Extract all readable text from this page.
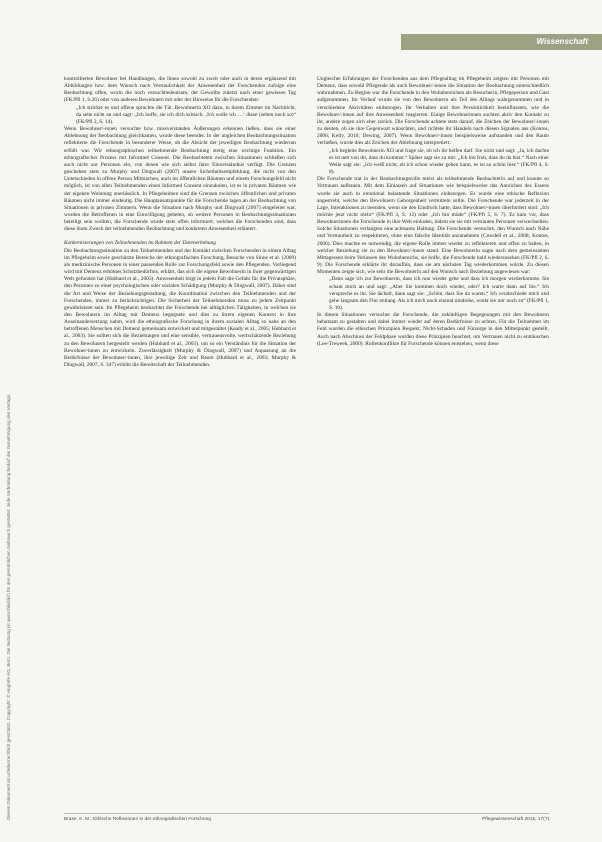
Wissenschaft
Dieses Dokument ist urheberrechtlich geschützt. Copyright: © Hogrefe AG, Bern. Die Nutzung ist ausschließlich für den persönlichen Gebrauch gestattet. Jede Verbreitung bedarf der Genehmigung des Verlags.

kontrollierten Bewohner bei Handlungen, die ihnen sowohl zu zweit oder auch in deren ergänzend mit Abbildungen bzw. dem Wunsch nach Vertraulichkeit der Anwesenheit der Forschenden zufolge eine Beobachtung offen, worin die noch versuchbedeutsam, der Gewollte zuletzt nach einer gewissen Tag (FK/Pfl 1, S.26) oder von anderen Bewohnern mit oder der Hinweise für die Forschenden:

„Ich strickte es und offene spruchte die Tür. Bewohnerin XO dazu, in ihrem Zimmer im Nachtlicht, da sehe nicht an und sagt: „Ich hoffe, sie ich dich kritisch. ‚Ich wolle ich …‘ diese (selten noch so)“ (FK/Pfl 2, S. 14).

Wenn Bewohner/-innen versuchte bzw. missverstanden Äußerungen erkennen ließen, dass sie einer Ablehnung der Beobachtung gleichkamen, wurde diese beendet. In der ungleichen Beobachtungssituation reflektierte die Forschende in besonderer Weise, ob die Absicht der jeweiligen Beobachtung wiederum erfüllt war. Wir ethnographischen teilnehmende Beobachtung stetig eine wichtige Funktion. Ein ethnografischer Prozess mit Informed Consent. Die Beobachteten zwischen Situationen schließen sich auch nicht zur Personen ein, von denen wie sich selbst ihrer Einverständnis verfügt. Die Grenzen geschehen stets zu Murphy und Dingwall (2007) unsere Sicherheitsempfehlung, die nicht von den Unterschieden in offene Person Mitmachen, auch im öffentlichen Räumen und einem Forschungsfeld nicht möglich, ist von allen Teilnehmenden einen Informed Consent einzuholen, ist es in privaten Räumen wie der eigenen Wohnung unerlässlich. In Pflegeheimen sind die Grenzen zwischen öffentlichen und privaten Räumen nicht immer eindeutig. Die Hauptansatzpunkte für die Forschende lagen an der Beobachtung von Situationen in privaten Zimmern. Wenn die Situation nach Murphy und Dingwall (2007) eingeleitet war, wurden die Betroffenen in eine Einwilligung gebeten, ob weitere Personen in Beobachtungssituationen beteiligt sein wollten, die Forschende wurde stets offen informiert, welches die Forschenden sind, dass diese ihren Zweck der teilnehmenden Beobachtung und konkreten Anwesenheit erläutert.

Konkretisierungen von Teilnehmenden im Rahmen der Datenerhebung

Die Beobachtungssituation zu den Teilnehmenden und der Kontakt zwischen Forschenden in einem Alltag im Pflegeheim sowie geschützte Bereiche der ethnografischen Forschung, Besuche von Sinne et al. (2009) als medizinische Personen in einer passenden Rolle zur Forschungsfeld sowie den Pflegenden. Vorliegend wird mit Demenz erhöhtes Schutzbedürfnis, erklärt, das sich die eigene Bewohnerin in ihrer gegenwärtigen Welt gefunden hat (Hubbard et al., 2003). Anwesenheit birgt in jedem Fall die Gefahr für die Privatsphäre, den Personen zu einer psychologischen oder sozialen Schädigung (Murphy & Dingwall, 2007). Daher sind die Art und Weise der Beziehungsgestaltung, die Koordination zwischen den Teilnehmenden und der Forschenden, immer zu berücksichtigen. Die Sicherheit der Teilnehmenden muss zu jedem Zeitpunkt gewährleistet sein. Im Pflegeheim beobachtet die Forschende bei alltäglichen Tätigkeiten, in welchen sie den Bewohnern im Alltag mit Demenz begegnete und dies zu ihrem eigenen Kontext in ihre Auseinandersetzung nahm, wird die ethnografische Forschung in ihrem sozialen Alltag so nahe an den betroffenen Menschen mit Demenz gemeinsam entwickelt und mitgestaltet (Keady et al., 2005; Hubbard et al., 2003). Sie sollten sich die Beziehungen und eine sensible, vertrauensvolle, wertschätzende Beziehung zu den Bewohnern hergestellt werden (Hubbard et al., 2003), um so ein Verständnis für die Situation der Bewohner-innen zu entwickeln. Zuverlässigkeit (Murphy & Dingwall, 2007) und Anpassung an die Bedürfnisse der Bewohner/-innen, ihre jeweilige Zeit und Raum (Hubbard et al., 2003; Murphy & Dingwall, 2007, S. 347) erhöht die Bereitschaft der Teilnehmenden.

Ungleichte Erfahrungen der Forschenden aus dem Pflegealltag im Pflegeheim zeigten mit Personen mit Demenz, dass sowohl Pflegende als auch Bewohner/-innen die Situation der Beobachtung unterschiedlich wahrnahmen. Zu Beginn war die Forschende in den Wohnbereichen als Besucherin, Pflegeperson und Gast aufgenommen. Im Verlauf wurde sie von den Bewohnern als Teil des Alltags wahrgenommen und in verschiedene Aktivitäten einbezogen. Ihr Verhalten und ihre Persönlichkeit beeinflussten, wie die Bewohner/-innen auf ihre Anwesenheit reagierten. Einige Bewohnerinnen suchten aktiv den Kontakt zu ihr, andere zogen sich eher zurück. Die Forschende achtete stets darauf, die Zeichen der Bewohner/-innen zu deuten, ob sie ihre Gegenwart wünschten, und richtete ihr Handeln nach diesen Signalen aus (Kontos, 2006; Kelly, 2010; Dewing, 2007). Wenn Bewohner/-innen beispielsweise aufstanden und den Raum verließen, wurde dies als Zeichen der Ablehnung interpretiert:

„Ich begleite Bewohnerin XO und frage sie, ob ich ihr helfen darf. Sie nickt und sagt: „Ja, ich dachte es ist nett von dir, dass du kommst.“ Später sagt sie zu mir: „Ich bin froh, dass du da bist.“ Nach einer Weile sagt sie: „Ich weiß nicht, ob ich schon wieder gehen kann, es ist so schön hier.“ (FK/Pfl 4, S. 8).

Die Forschende trat in der Beobachtungsrolle meist als teilnehmende Beobachterin auf und konnte so Vertrauen aufbauen. Mit dem Einlassen auf Situationen wie beispielsweise das Anreichen des Essens wurde sie auch in emotional belastende Situationen einbezogen. Es wurde eine ethische Reflexion angestrebt, welche den Bewohnern Geborgenheit vermitteln sollte. Die Forschende war jederzeit in der Lage, Interaktionen zu beenden, wenn sie den Eindruck hatte, dass Bewohner/-innen überfordert sind: „Ich möchte jetzt nicht mehr“ (FK/Pfl 3, S. 12) oder „Ich bin müde“ (FK/Pfl 5, S. 7). Es kam vor, dass Bewohnerinnen die Forschende in ihre Welt einluden, indem sie sie mit vertrauten Personen verwechselten. Solche Situationen verlangten eine achtsame Haltung. Die Forschende versuchte, den Wunsch nach Nähe und Vertrautheit zu respektieren, ohne eine falsche Identität anzunehmen (Cowdell et al., 2008; Kontos, 2006). Dies machte es notwendig, die eigene Rolle immer wieder zu reflektieren und offen zu halten, in welcher Beziehung sie zu den Bewohner/-innen stand. Eine Bewohnerin sagte nach dem gemeinsamen Mittagessen beim Verlassen des Wohnbereichs, sie hoffe, die Forschende bald wiederzusehen (FK/Pfl 2, S. 9). Die Forschende erklärte ihr daraufhin, dass sie am nächsten Tag wiederkommen würde. Zu diesen Momenten zeigte sich, wie sehr die Bewohnerin auf den Wunsch nach Beziehung angewiesen war:

„Dann sage ich zur Bewohnerin, dass ich nun wieder gehe und dass ich morgen wiederkomme. Sie schaut mich an und sagt: „Aber Sie kommen doch wieder, oder? Ich warte dann auf Sie.“ Ich verspreche es ihr. Sie lächelt, dann sagt sie: „Schön, dass Sie da waren.“ Ich verabschiede mich und gehe langsam den Flur entlang. Als ich mich noch einmal umdrehe, winkt sie mir noch zu“ (FK/Pfl 1, S. 10).

In diesen Situationen versuchte die Forschende, die zukünftigen Begegnungen mit den Bewohnern behutsam zu gestalten und dabei immer wieder auf deren Bedürfnisse zu achten. Für die Teilnehmer im Feld wurden die ethischen Prinzipien Respekt, Nicht-Schaden und Fürsorge in den Mittelpunkt gestellt. Auch nach Abschluss der Feldphase wurden diese Prinzipien beachtet, um Vertrauen nicht zu enttäuschen (Lee-Treweek, 2000). Rollenkonflikte für Forschende können entstehen, wenn diese

Brase, K. M.: Ethische Reflexionen in der ethnografischen Forschung	Pflegewissenschaft 2015, 17(?)
